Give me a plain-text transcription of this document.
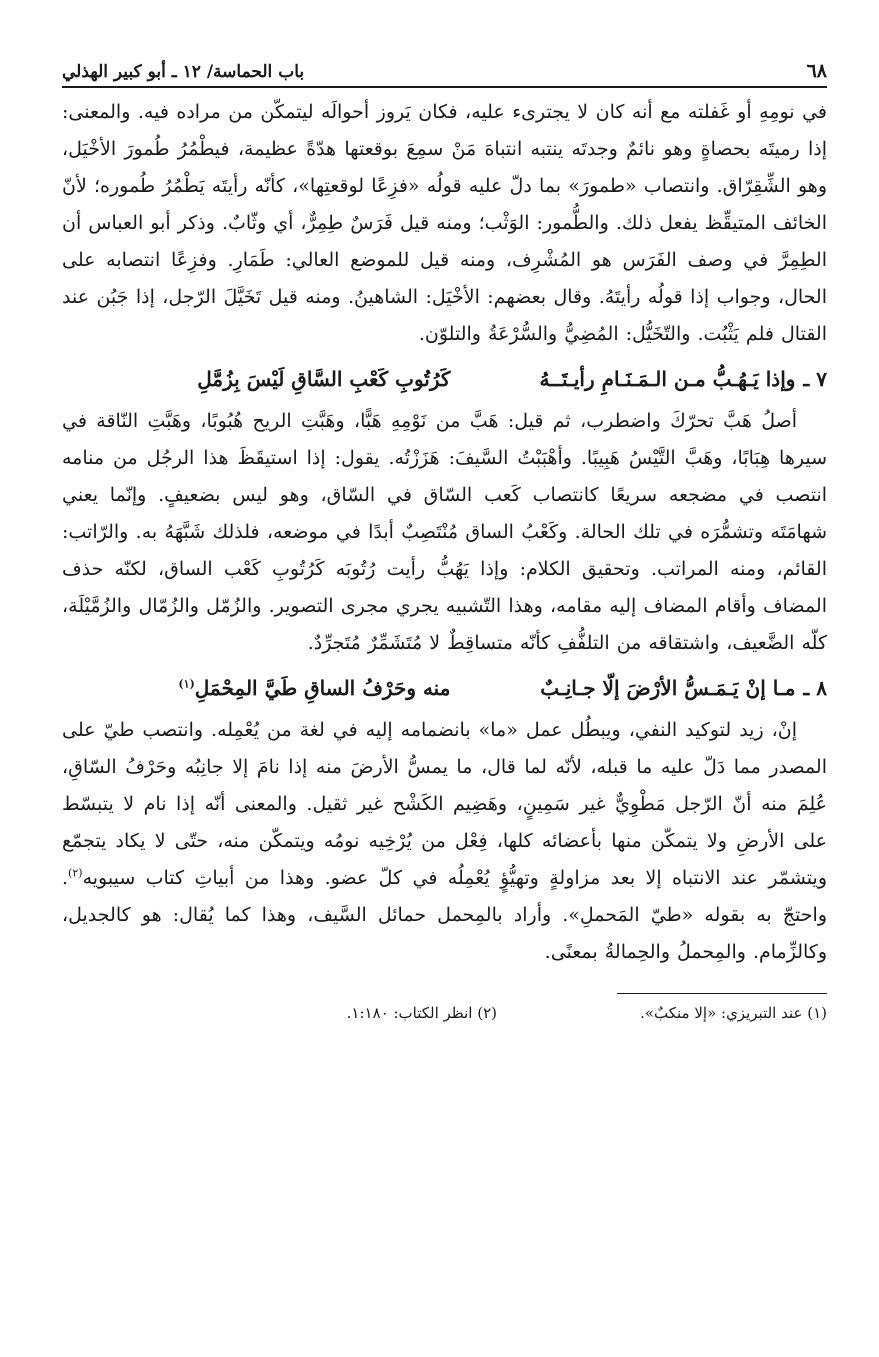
٦٨
باب الحماسة/ ١٢ ـ أبو كبير الهذلي

في نومِهِ أو غَفلته مع أنه كان لا يجترىء عليه، فكان يَروز أحوالَه ليتمكّن من مراده فيه. والمعنى: إذا رميتَه بحصاةٍ وهو نائمٌ وجدتَه ينتبه انتباهَ مَنْ سمِعَ بوقعتها هدّةً عظيمة، فيطْمُرُ طُمورَ الأخْيَل، وهو الشِّقِرّاق. وانتصاب «طمورَ» بما دلّ عليه قولُه «فزِعًا لوقعتِها»، كأنّه رأيتَه يَطْمُرُ طُموره؛ لأنّ الخائف المتيقِّظ يفعل ذلك. والطُّمور: الوَثْب؛ ومنه قيل فَرَسٌ طِمِرٌّ، أي وثّابٌ. وذكر أبو العباس أن الطِمِرَّ في وصف الفَرَس هو المُشْرِف، ومنه قيل للموضع العالي: طَمَارِ. وفزِعًا انتصابه على الحال، وجواب إذا قولُه رأيتَهُ. وقال بعضهم: الأخْيَل: الشاهينُ. ومنه قيل تَخَيَّلَ الرّجل، إذا جَبُن عند القتال فلم يَثْبُت. والتّخَيُّل: المُضِيُّ والسُّرْعَةُ والتلوّن.

٧ ـ
وإذا يَـهُـبُّ مـن الـمَـنَـامِ رأيـتَــهُ
كَرُتُوبِ كَعْبِ السَّاقِ لَيْسَ بِزُمَّلِ

أصلُ هَبَّ تحرّكَ واضطرب، ثم قيل: هَبَّ من نَوْمِهِ هَبًّا، وهَبَّتِ الريح هُبُوبًا، وهَبَّتِ النّاقة في سيرها هِبَابًا، وهَبَّ التَّيْسُ هَبِيبًا. وأهْبَبْتُ السَّيفَ: هَزَزْتُه. يقول: إذا استيقَظَ هذا الرجُل من منامه انتصب في مضجعه سريعًا كانتصاب كَعب السّاق في السّاق، وهو ليس بضعيفٍ. وإنّما يعني شهامَتَه وتشمُّرَه في تلك الحالة. وكَعْبُ الساق مُنْتَصِبٌ أبدًا في موضعه، فلذلك شَبَّهَهُ به. والرّاتب: القائم، ومنه المراتب. وتحقيق الكلام: وإذا يَهُبُّ رأيت رُتُوبَه كَرُتُوبِ كَعْب الساق، لكنّه حذف المضاف وأقام المضاف إليه مقامه، وهذا التّشبيه يجري مجرى التصوير. والزُمّل والزُمّال والزُمَّيْلَة، كلّه الضَّعيف، واشتقاقه من التلفُّفِ كأنّه متساقِطٌ لا مُتَشَمِّرٌ مُتَجرِّدٌ.

٨ ـ
مـا إنْ يَـمَـسُّ الأرْضَ إلّا جـانِـبٌ
منه وحَرْفُ الساقِ طَيَّ المِحْمَلِ$^{(١)}$

إنْ، زيد لتوكيد النفي، ويبطُل عمل «ما» بانضمامه إليه في لغة من يُعْمِله. وانتصب طيّ على المصدر مما دَلّ عليه ما قبله، لأنّه لما قال، ما يمسُّ الأرضَ منه إذا نامَ إلا جانِبُه وحَرْفُ السّاقِ، عُلِمَ منه أنّ الرّجل مَطْوِيٌّ غير سَمِينٍ، وهَضِيم الكَشْح غير ثقيل. والمعنى أنّه إذا نام لا يتبسّط على الأرضِ ولا يتمكّن منها بأعضائه كلها، فِعْل من يُرْخِيه نومُه ويتمكّن منه، حتّى لا يكاد يتجمّع ويتشمّر عند الانتباه إلا بعد مزاولةٍ وتهيُّؤٍ يُعْمِلُه في كلّ عضو. وهذا من أبياتِ كتاب سيبويه$^{(٢)}$. واحتجّ به بقوله «طيّ المَحملِ». وأراد بالمِحمل حمائل السَّيف، وهذا كما يُقال: هو كالجديل، وكالزِّمام. والمِحملُ والحِمالةُ بمعنًى.

(١) عند التبريزي: «إلا منكبٌ».
(٢) انظر الكتاب: ١:١٨٠.
